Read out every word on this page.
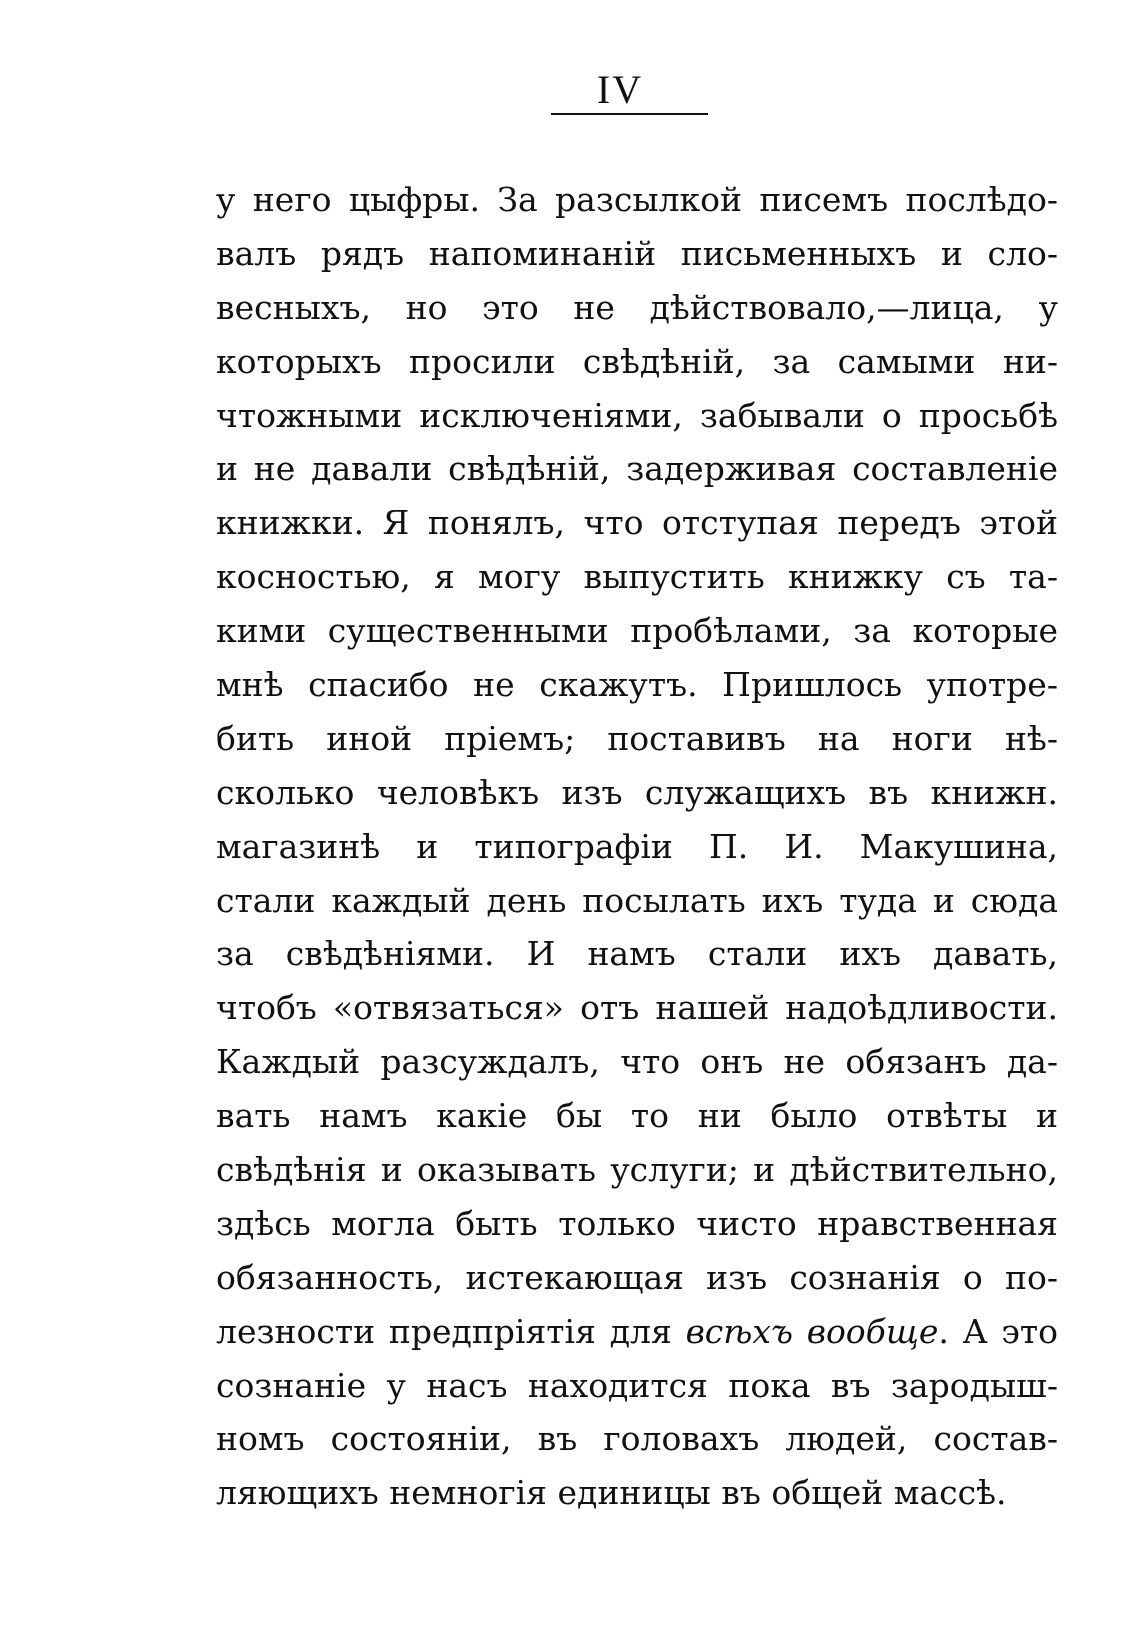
IV
у него цыфры. За разсылкой писемъ послѣдо-
валъ рядъ напоминаній письменныхъ и сло-
весныхъ, но это не дѣйствовало,—лица, у
которыхъ просили свѣдѣній, за самыми ни-
чтожными исключеніями, забывали о просьбѣ
и не давали свѣдѣній, задерживая составленіе
книжки. Я понялъ, что отступая передъ этой
косностью, я могу выпустить книжку съ та-
кими существенными пробѣлами, за которые
мнѣ спасибо не скажутъ. Пришлось употре-
бить иной пріемъ; поставивъ на ноги нѣ-
сколько человѣкъ изъ служащихъ въ книжн.
магазинѣ и типографіи П. И. Макушина,
стали каждый день посылать ихъ туда и сюда
за свѣдѣніями. И намъ стали ихъ давать,
чтобъ «отвязаться» отъ нашей надоѣдливости.
Каждый разсуждалъ, что онъ не обязанъ да-
вать намъ какіе бы то ни было отвѣты и
свѣдѣнія и оказывать услуги; и дѣйствительно,
здѣсь могла быть только чисто нравственная
обязанность, истекающая изъ сознанія о по-
лезности предпріятія для всѣхъ вообще. А это
сознаніе у насъ находится пока въ зародыш-
номъ состояніи, въ головахъ людей, состав-
ляющихъ немногія единицы въ общей массѣ.
